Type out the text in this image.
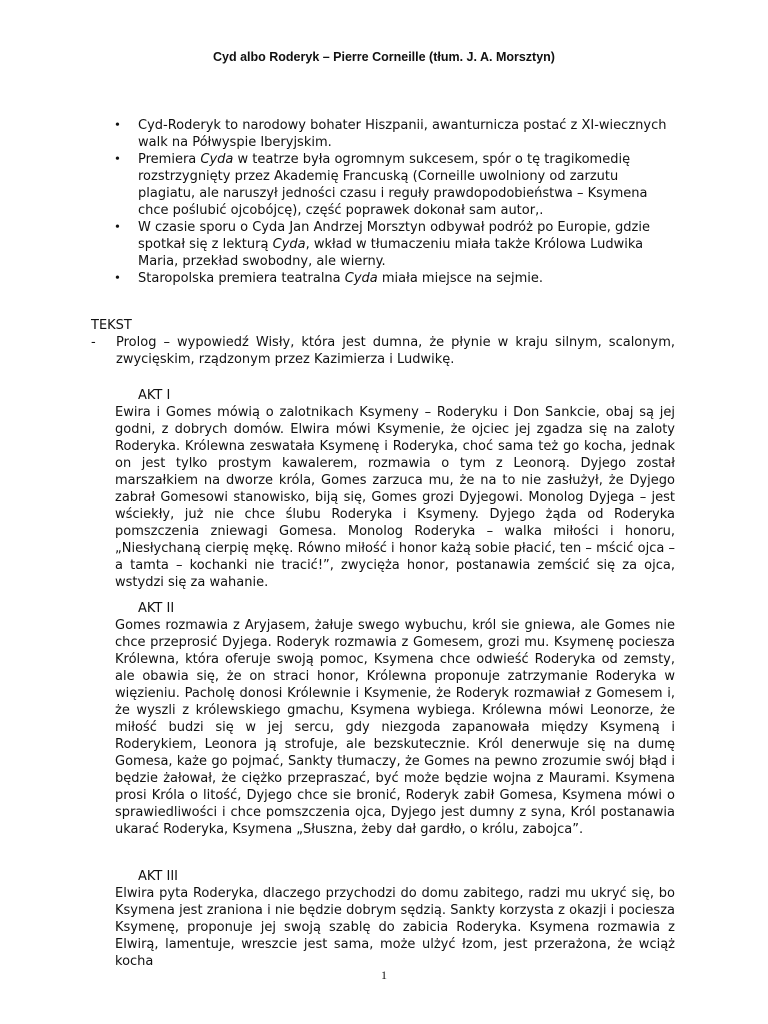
Cyd albo Roderyk – Pierre Corneille (tłum. J. A. Morsztyn)
• Cyd-Roderyk to narodowy bohater Hiszpanii, awanturnicza postać z XI-wiecznych walk na Półwyspie Iberyjskim.
• Premiera Cyda w teatrze była ogromnym sukcesem, spór o tę tragikomedię rozstrzygnięty przez Akademię Francuską (Corneille uwolniony od zarzutu plagiatu, ale naruszył jedności czasu i reguły prawdopodobieństwa – Ksymena chce poślubić ojcobójcę), część poprawek dokonał sam autor,.
• W czasie sporu o Cyda Jan Andrzej Morsztyn odbywał podróż po Europie, gdzie spotkał się z lekturą Cyda, wkład w tłumaczeniu miała także Królowa Ludwika Maria, przekład swobodny, ale wierny.
• Staropolska premiera teatralna Cyda miała miejsce na sejmie.
TEKST
- Prolog – wypowiedź Wisły, która jest dumna, że płynie w kraju silnym, scalonym, zwycięskim, rządzonym przez Kazimierza i Ludwikę.
AKT I
Ewira i Gomes mówią o zalotnikach Ksymeny – Roderyku i Don Sankcie, obaj są jej godni, z dobrych domów. Elwira mówi Ksymenie, że ojciec jej zgadza się na zaloty Roderyka. Królewna zeswatała Ksymenę i Roderyka, choć sama też go kocha, jednak on jest tylko prostym kawalerem, rozmawia o tym z Leonorą. Dyjego został marszałkiem na dworze króla, Gomes zarzuca mu, że na to nie zasłużył, że Dyjego zabrał Gomesowi stanowisko, biją się, Gomes grozi Dyjegowi. Monolog Dyjega – jest wściekły, już nie chce ślubu Roderyka i Ksymeny. Dyjego żąda od Roderyka pomszczenia zniewagi Gomesa. Monolog Roderyka – walka miłości i honoru, „Niesłychaną cierpię mękę. Równo miłość i honor każą sobie płacić, ten – mścić ojca – a tamta – kochanki nie tracić!”, zwycięża honor, postanawia zemścić się za ojca, wstydzi się za wahanie.
AKT II
Gomes rozmawia z Aryjasem, żałuje swego wybuchu, król sie gniewa, ale Gomes nie chce przeprosić Dyjega. Roderyk rozmawia z Gomesem, grozi mu. Ksymenę pociesza Królewna, która oferuje swoją pomoc, Ksymena chce odwieść Roderyka od zemsty, ale obawia się, że on straci honor, Królewna proponuje zatrzymanie Roderyka w więzieniu. Pacholę donosi Królewnie i Ksymenie, że Roderyk rozmawiał z Gomesem i, że wyszli z królewskiego gmachu, Ksymena wybiega. Królewna mówi Leonorze, że miłość budzi się w jej sercu, gdy niezgoda zapanowała między Ksymeną i Roderykiem, Leonora ją strofuje, ale bezskutecznie. Król denerwuje się na dumę Gomesa, każe go pojmać, Sankty tłumaczy, że Gomes na pewno zrozumie swój błąd i będzie żałował, że ciężko przepraszać, być może będzie wojna z Maurami. Ksymena prosi Króla o litość, Dyjego chce sie bronić, Roderyk zabił Gomesa, Ksymena mówi o sprawiedliwości i chce pomszczenia ojca, Dyjego jest dumny z syna, Król postanawia ukarać Roderyka, Ksymena „Słuszna, żeby dał gardło, o królu, zabojca”.
AKT III
Elwira pyta Roderyka, dlaczego przychodzi do domu zabitego, radzi mu ukryć się, bo Ksymena jest zraniona i nie będzie dobrym sędzią. Sankty korzysta z okazji i pociesza Ksymenę, proponuje jej swoją szablę do zabicia Roderyka. Ksymena rozmawia z Elwirą, lamentuje, wreszcie jest sama, może ulżyć łzom, jest przerażona, że wciąż kocha
1
